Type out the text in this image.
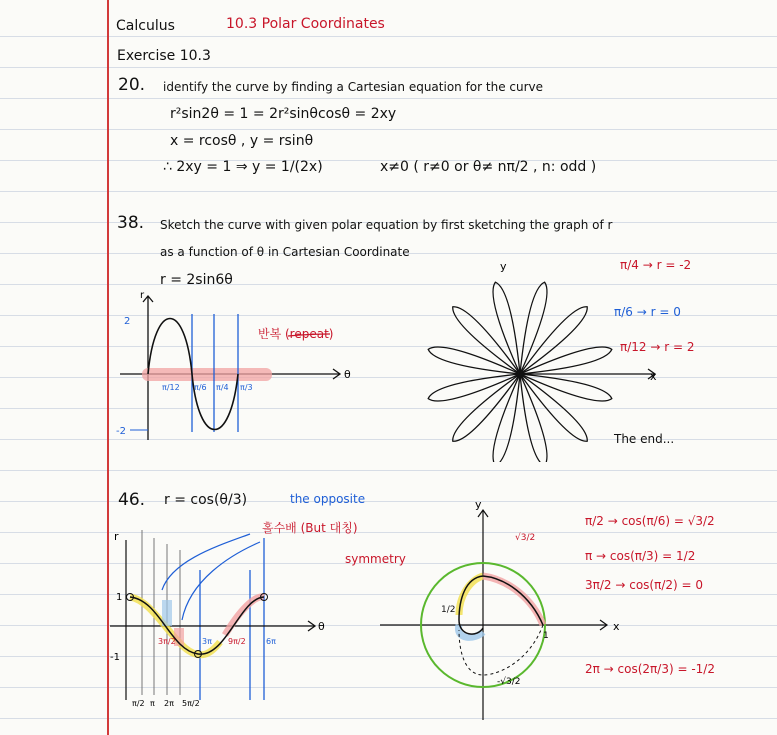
Calculus	10.3 Polar Coordinates
Exercise 10.3
20. identify the curve by finding a Cartesian equation for the curve
r²sin2θ = 1 = 2r²sinθcosθ = 2xy
x = rcosθ , y = rsinθ
∴ 2xy = 1 ⇒ y = 1/(2x)	x≠0 ( r≠0 or θ≠ nπ/2 , n: odd )
38. Sketch the curve with given polar equation by first sketching the graph of r
as a function of θ in Cartesian Coordinate
r = 2sin6θ
r
2
-2
θ
π/12 π/6 π/4 π/3
반복 (repeat)
y
x
π/4 → r = -2
π/6 → r = 0
π/12 → r = 2
The end...
46. r = cos(θ/3)	the opposite
홀수배 (But 대칭)
symmetry
r
1
-1
θ
3π/2	3π 9π/2	6π
π/2 π 2π 5π/2
√3/2
1/2
1
-√3/2
y
x
π/2 → cos(π/6) = √3/2
π → cos(π/3) = 1/2
3π/2 → cos(π/2) = 0
2π → cos(2π/3) = -1/2
